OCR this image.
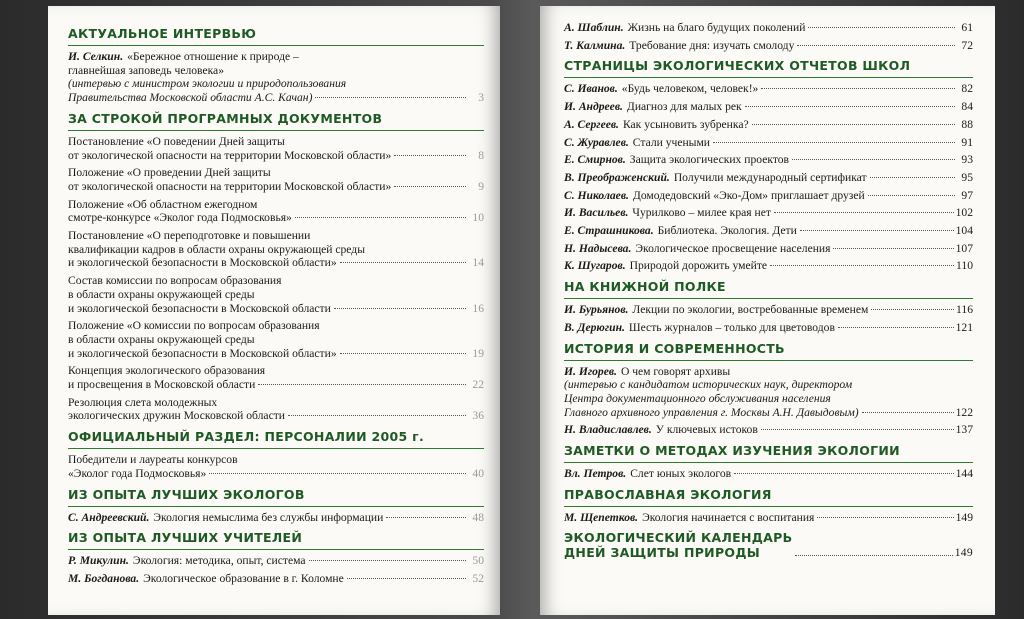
АКТУАЛЬНОЕ ИНТЕРВЬЮ
И. Селкин. «Бережное отношение к природе –
главнейшая заповедь человека»
(интервью с министром экологии и природопользования
Правительства Московской области А.С. Качан)	3
ЗА СТРОКОЙ ПРОГРАМНЫХ ДОКУМЕНТОВ
Постановление «О поведении Дней защиты
от экологической опасности на территории Московской области»	8
Положение «О проведении Дней защиты
от экологической опасности на территории Московской области»	9
Положение «Об областном ежегодном
смотре-конкурсе «Эколог года Подмосковья»	10
Постановление «О переподготовке и повышении
квалификации кадров в области охраны окружающей среды
и экологической безопасности в Московской области»	14
Состав комиссии по вопросам образования
в области охраны окружающей среды
и экологической безопасности в Московской области	16
Положение «О комиссии по вопросам образования
в области охраны окружающей среды
и экологической безопасности в Московской области»	19
Концепция экологического образования
и просвещения в Московской области	22
Резолюция слета молодежных
экологических дружин Московской области	36
ОФИЦИАЛЬНЫЙ РАЗДЕЛ: ПЕРСОНАЛИИ 2005 г.
Победители и лауреаты конкурсов
«Эколог года Подмосковья»	40
ИЗ ОПЫТА ЛУЧШИХ ЭКОЛОГОВ
С. Андреевский. Экология немыслима без службы информации	48
ИЗ ОПЫТА ЛУЧШИХ УЧИТЕЛЕЙ
Р. Микулин. Экология: методика, опыт, система	50
М. Богданова. Экологическое образование в г. Коломне	52
А. Шаблин. Жизнь на благо будущих поколений	61
Т. Калмина. Требование дня: изучать смолоду	72
СТРАНИЦЫ ЭКОЛОГИЧЕСКИХ ОТЧЕТОВ ШКОЛ
С. Иванов. «Будь человеком, человек!»	82
И. Андреев. Диагноз для малых рек	84
А. Сергеев. Как усыновить зубренка?	88
С. Журавлев. Стали учеными	91
Е. Смирнов. Защита экологических проектов	93
В. Преображенский. Получили международный сертификат	95
С. Николаев. Домодедовский «Эко-Дом» приглашает друзей	97
И. Васильев. Чурилково – милее края нет	102
Е. Страшникова. Библиотека. Экология. Дети	104
Н. Надысева. Экологическое просвещение населения	107
К. Шугаров. Природой дорожить умейте	110
НА КНИЖНОЙ ПОЛКЕ
И. Бурьянов. Лекции по экологии, востребованные временем	116
В. Дерюгин. Шесть журналов – только для цветоводов	121
ИСТОРИЯ И СОВРЕМЕННОСТЬ
И. Игорев. О чем говорят архивы
(интервью с кандидатом исторических наук, директором
Центра документационного обслуживания населения
Главного архивного управления г. Москвы А.Н. Давыдовым)	122
Н. Владиславлев. У ключевых истоков	137
ЗАМЕТКИ О МЕТОДАХ ИЗУЧЕНИЯ ЭКОЛОГИИ
Вл. Петров. Слет юных экологов	144
ПРАВОСЛАВНАЯ ЭКОЛОГИЯ
М. Щепетков. Экология начинается с воспитания	149
ЭКОЛОГИЧЕСКИЙ КАЛЕНДАРЬ
ДНЕЙ ЗАЩИТЫ ПРИРОДЫ	149
